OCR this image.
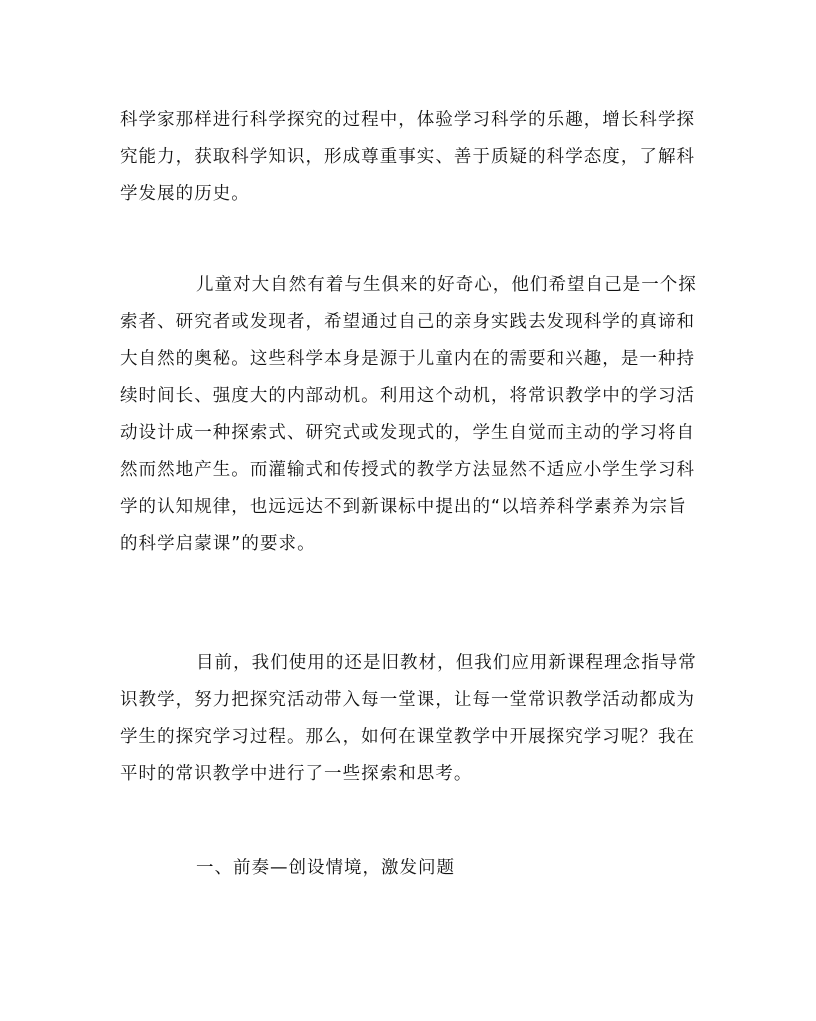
科学家那样进行科学探究的过程中，体验学习科学的乐趣，增长科学探
究能力，获取科学知识，形成尊重事实、善于质疑的科学态度，了解科
学发展的历史。
儿童对大自然有着与生俱来的好奇心，他们希望自己是一个探
索者、研究者或发现者，希望通过自己的亲身实践去发现科学的真谛和
大自然的奥秘。这些科学本身是源于儿童内在的需要和兴趣，是一种持
续时间长、强度大的内部动机。利用这个动机，将常识教学中的学习活
动设计成一种探索式、研究式或发现式的，学生自觉而主动的学习将自
然而然地产生。而灌输式和传授式的教学方法显然不适应小学生学习科
学的认知规律，也远远达不到新课标中提出的“以培养科学素养为宗旨
的科学启蒙课”的要求。
目前，我们使用的还是旧教材，但我们应用新课程理念指导常
识教学，努力把探究活动带入每一堂课，让每一堂常识教学活动都成为
学生的探究学习过程。那么，如何在课堂教学中开展探究学习呢？我在
平时的常识教学中进行了一些探索和思考。
一、前奏—创设情境，激发问题
